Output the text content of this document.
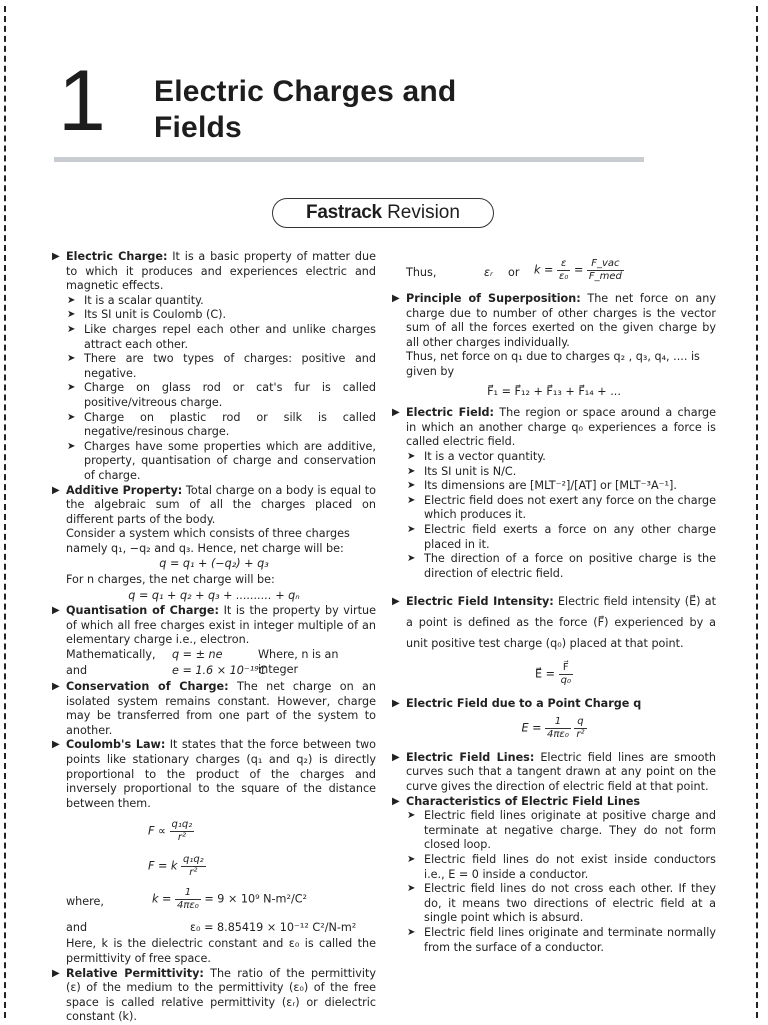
1 Electric Charges and
Fields
Fastrack Revision

▶ Electric Charge: It is a basic property of matter due to which it produces and experiences electric and magnetic effects.

➤ It is a scalar quantity.

➤ Its SI unit is Coulomb (C).

➤ Like charges repel each other and unlike charges attract each other.

➤ There are two types of charges: positive and negative.

➤ Charge on glass rod or cat's fur is called positive/vitreous charge.

➤ Charge on plastic rod or silk is called negative/resinous charge.

➤ Charges have some properties which are additive, property, quantisation of charge and conservation of charge.

▶ Additive Property: Total charge on a body is equal to the algebraic sum of all the charges placed on different parts of the body.

Consider a system which consists of three charges namely q₁, −q₂ and q₃. Hence, net charge will be:

q = q₁ + (−q₂) + q₃

For n charges, the net charge will be:

q = q₁ + q₂ + q₃ + .......... + qₙ

▶ Quantisation of Charge: It is the property by virtue of which all free charges exist in integer multiple of an elementary charge i.e., electron.

Mathematically, q = ± ne	Where, n is an integer
and	e = 1.6 × 10⁻¹⁹C

▶ Conservation of Charge: The net charge on an isolated system remains constant. However, charge may be transferred from one part of the system to another.

▶ Coulomb's Law: It states that the force between two points like stationary charges (q₁ and q₂) is directly proportional to the product of the charges and inversely proportional to the square of the distance between them.

$F \propto \frac{\text{q₁q₂}}{\text{r²}}$
F = k $\frac{\text{q₁q₂}}{\text{r²}}$
where,	$k = \frac{1}{\text{4πε₀}} = 9 \times 10^9$ N-m²/C²
and	ε₀ = 8.85419 × 10⁻¹² C²/N-m²

Here, k is the dielectric constant and ε₀ is called the permittivity of free space.

▶ Relative Permittivity: The ratio of the permittivity (ε) of the medium to the permittivity (ε₀) of the free space is called relative permittivity (εᵣ) or dielectric constant (k).

Thus,	εᵣ or $k = \frac{\varepsilon}{\text{ε₀}} = \frac{\text{F\_vac}}{\text{F\_med}}$

▶ Principle of Superposition: The net force on any charge due to number of other charges is the vector sum of all the forces exerted on the given charge by all other charges individually.

Thus, net force on q₁ due to charges q₂ , q₃, q₄, .... is given by

F⃗₁ = F⃗₁₂ + F⃗₁₃ + F⃗₁₄ + ...

▶ Electric Field: The region or space around a charge in which an another charge q₀ experiences a force is called electric field.

➤ It is a vector quantity.

➤ Its SI unit is N/C.

➤ Its dimensions are [MLT⁻²]/[AT] or [MLT⁻³A⁻¹].

➤ Electric field does not exert any force on the charge which produces it.

➤ Electric field exerts a force on any other charge placed in it.

➤ The direction of a force on positive charge is the direction of electric field.

▶ Electric Field Intensity: Electric field intensity (E⃗) at a point is defined as the force (F⃗) experienced by a unit positive test charge (q₀) placed at that point.

E⃗ = $\frac{F⃗}{\text{q₀}}$

▶ Electric Field due to a Point Charge q

$E = \frac{1}{\text{4πε₀}}$
$\frac{q}{\text{r²}}$

▶ Electric Field Lines: Electric field lines are smooth curves such that a tangent drawn at any point on the curve gives the direction of electric field at that point.

▶ Characteristics of Electric Field Lines

➤ Electric field lines originate at positive charge and terminate at negative charge. They do not form closed loop.

➤ Electric field lines do not exist inside conductors i.e., E = 0 inside a conductor.

➤ Electric field lines do not cross each other. If they do, it means two directions of electric field at a single point which is absurd.

➤ Electric field lines originate and terminate normally from the surface of a conductor.
